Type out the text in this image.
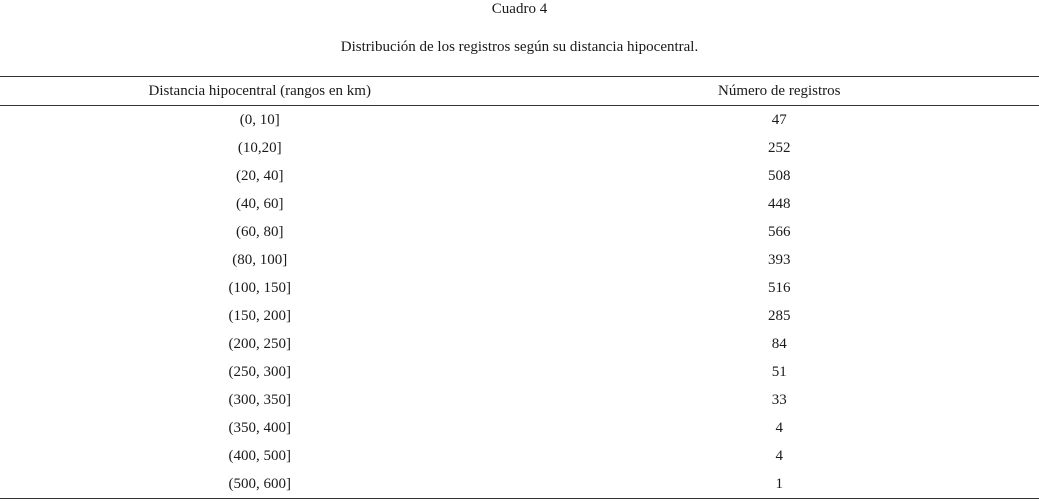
Cuadro 4
Distribución de los registros según su distancia hipocentral.
Distancia hipocentral (rangos en km)	Número de registros
(0, 10]	47
(10,20]	252
(20, 40]	508
(40, 60]	448
(60, 80]	566
(80, 100]	393
(100, 150]	516
(150, 200]	285
(200, 250]	84
(250, 300]	51
(300, 350]	33
(350, 400]	4
(400, 500]	4
(500, 600]	1
